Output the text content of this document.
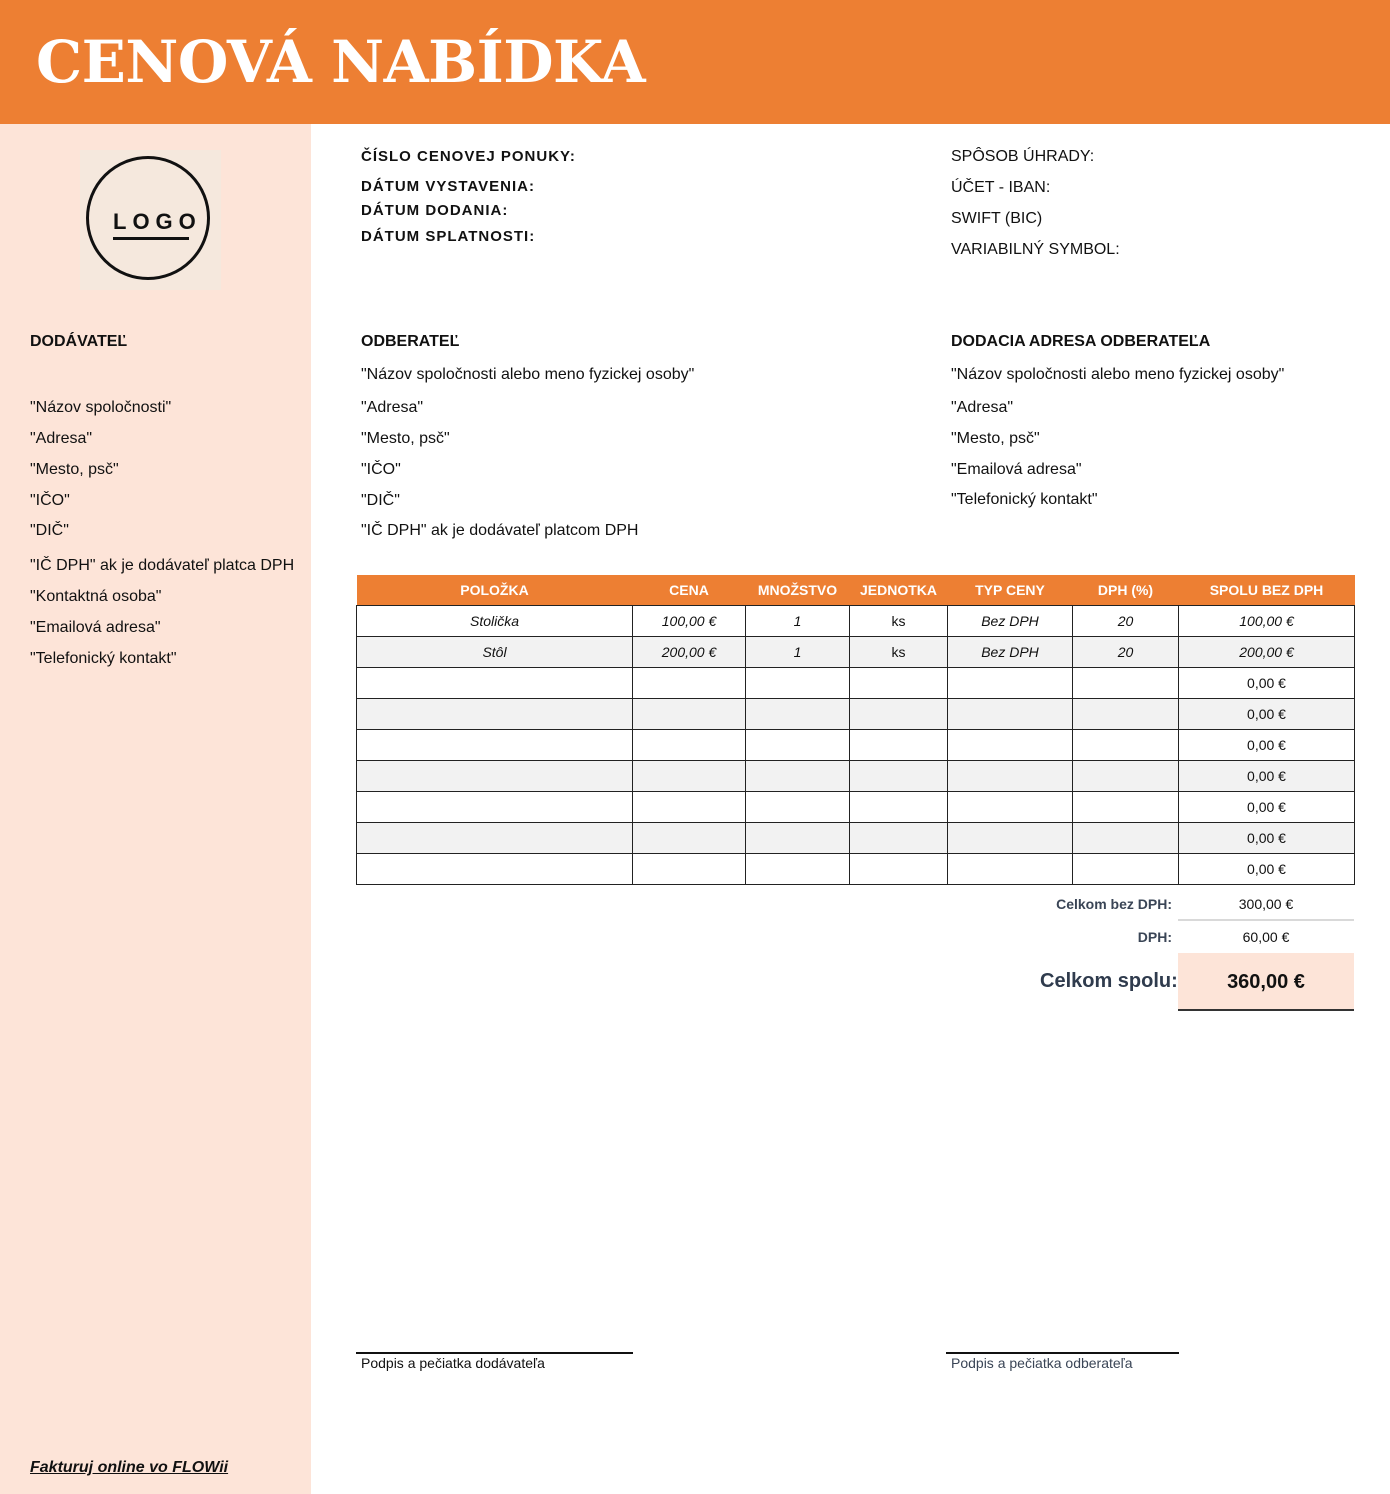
CENOVÁ NABÍDKA
LOGO
ČÍSLO CENOVEJ PONUKY:
DÁTUM VYSTAVENIA:
DÁTUM DODANIA:
DÁTUM SPLATNOSTI:
SPÔSOB ÚHRADY:
ÚČET - IBAN:
SWIFT (BIC)
VARIABILNÝ SYMBOL:
DODÁVATEĽ
"Názov spoločnosti"
"Adresa"
"Mesto, psč"
"IČO"
"DIČ"
"IČ DPH" ak je dodávateľ platca DPH
"Kontaktná osoba"
"Emailová adresa"
"Telefonický kontakt"
ODBERATEĽ
"Názov spoločnosti alebo meno fyzickej osoby"
"Adresa"
"Mesto, psč"
"IČO"
"DIČ"
"IČ DPH" ak je dodávateľ platcom DPH
DODACIA ADRESA ODBERATEĽA
"Názov spoločnosti alebo meno fyzickej osoby"
"Adresa"
"Mesto, psč"
"Emailová adresa"
"Telefonický kontakt"
POLOŽKA	CENA	MNOŽSTVO	JEDNOTKA	TYP CENY	DPH (%)	SPOLU BEZ DPH
Stolička	100,00 €	1	ks	Bez DPH	20	100,00 €
Stôl	200,00 €	1	ks	Bez DPH	20	200,00 €
						0,00 €
						0,00 €
						0,00 €
						0,00 €
						0,00 €
						0,00 €
						0,00 €
Celkom bez DPH:	300,00 €
DPH:	60,00 €
Celkom spolu:	360,00 €
Podpis a pečiatka dodávateľa	Podpis a pečiatka odberateľa
Fakturuj online vo FLOWii
